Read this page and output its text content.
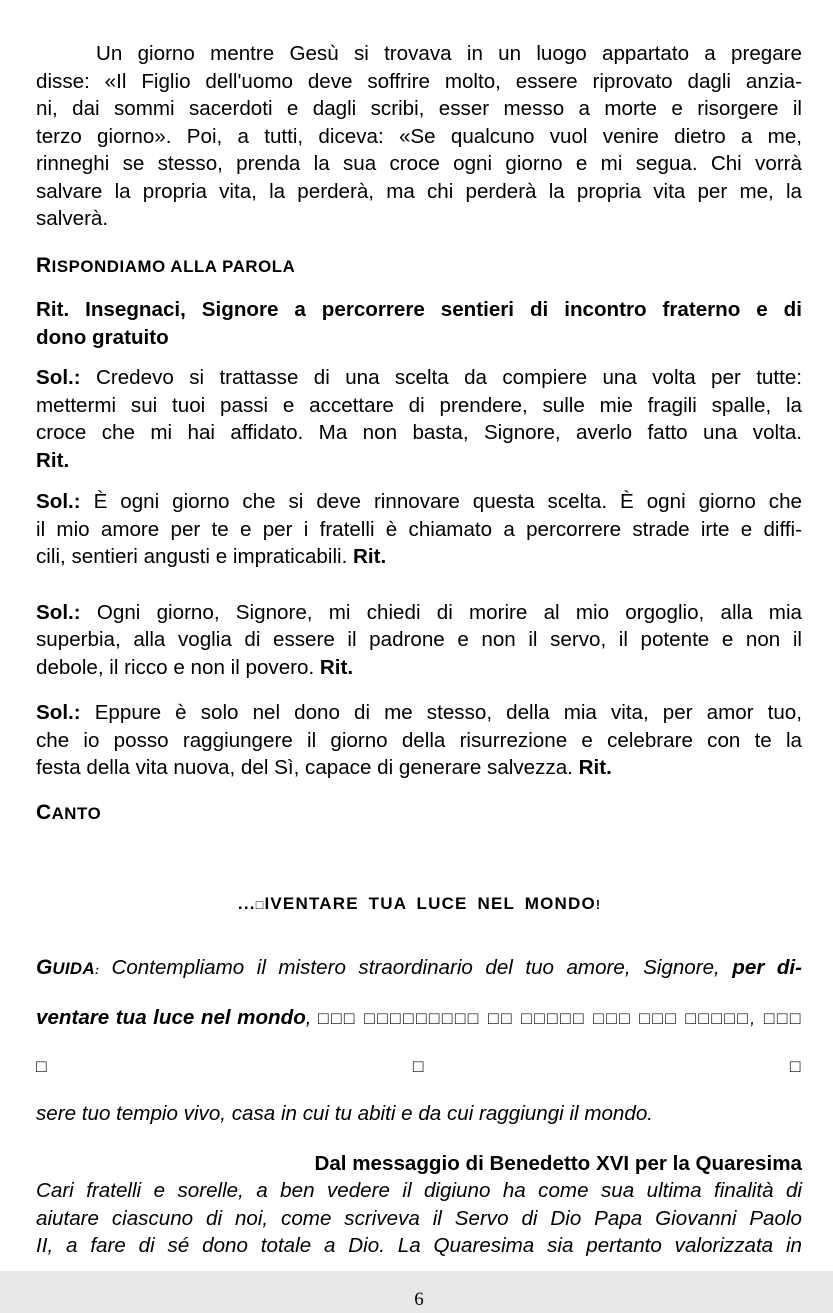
Un giorno mentre Gesù si trovava in un luogo appartato a pregare
disse: «Il Figlio dell'uomo deve soffrire molto, essere riprovato dagli anzia-
ni, dai sommi sacerdoti e dagli scribi, esser messo a morte e risorgere il
terzo giorno». Poi, a tutti, diceva: «Se qualcuno vuol venire dietro a me,
rinneghi se stesso, prenda la sua croce ogni giorno e mi segua. Chi vorrà
salvare la propria vita, la perderà, ma chi perderà la propria vita per me, la
salverà.
RISPONDIAMO ALLA PAROLA
Rit. Insegnaci, Signore a percorrere sentieri di incontro fraterno e di
dono gratuito
Sol.: Credevo si trattasse di una scelta da compiere una volta per tutte:
mettermi sui tuoi passi e accettare di prendere, sulle mie fragili spalle, la
croce che mi hai affidato. Ma non basta, Signore, averlo fatto una volta.
Rit.
Sol.: È ogni giorno che si deve rinnovare questa scelta. È ogni giorno che
il mio amore per te e per i fratelli è chiamato a percorrere strade irte e diffi-
cili, sentieri angusti e impraticabili. Rit.
Sol.: Ogni giorno, Signore, mi chiedi di morire al mio orgoglio, alla mia
superbia, alla voglia di essere il padrone e non il servo, il potente e non il
debole, il ricco e non il povero. Rit.
Sol.: Eppure è solo nel dono di me stesso, della mia vita, per amor tuo,
che io posso raggiungere il giorno della risurrezione e celebrare con te la
festa della vita nuova, del Sì, capace di generare salvezza. Rit.
CANTO
...□IVENTARE TUA LUCE NEL MONDO!
GUIDA: Contempliamo il mistero straordinario del tuo amore, Signore, per di-
ventare tua luce nel mondo, □□□ □□□□□□□□□ □□ □□□□□ □□□ □□□ □□□□□, □□□ □□□
sere tuo tempio vivo, casa in cui tu abiti e da cui raggiungi il mondo.
Dal messaggio di Benedetto XVI per la Quaresima
Cari fratelli e sorelle, a ben vedere il digiuno ha come sua ultima finalità di
aiutare ciascuno di noi, come scriveva il Servo di Dio Papa Giovanni Paolo
II, a fare di sé dono totale a Dio. La Quaresima sia pertanto valorizzata in
6
